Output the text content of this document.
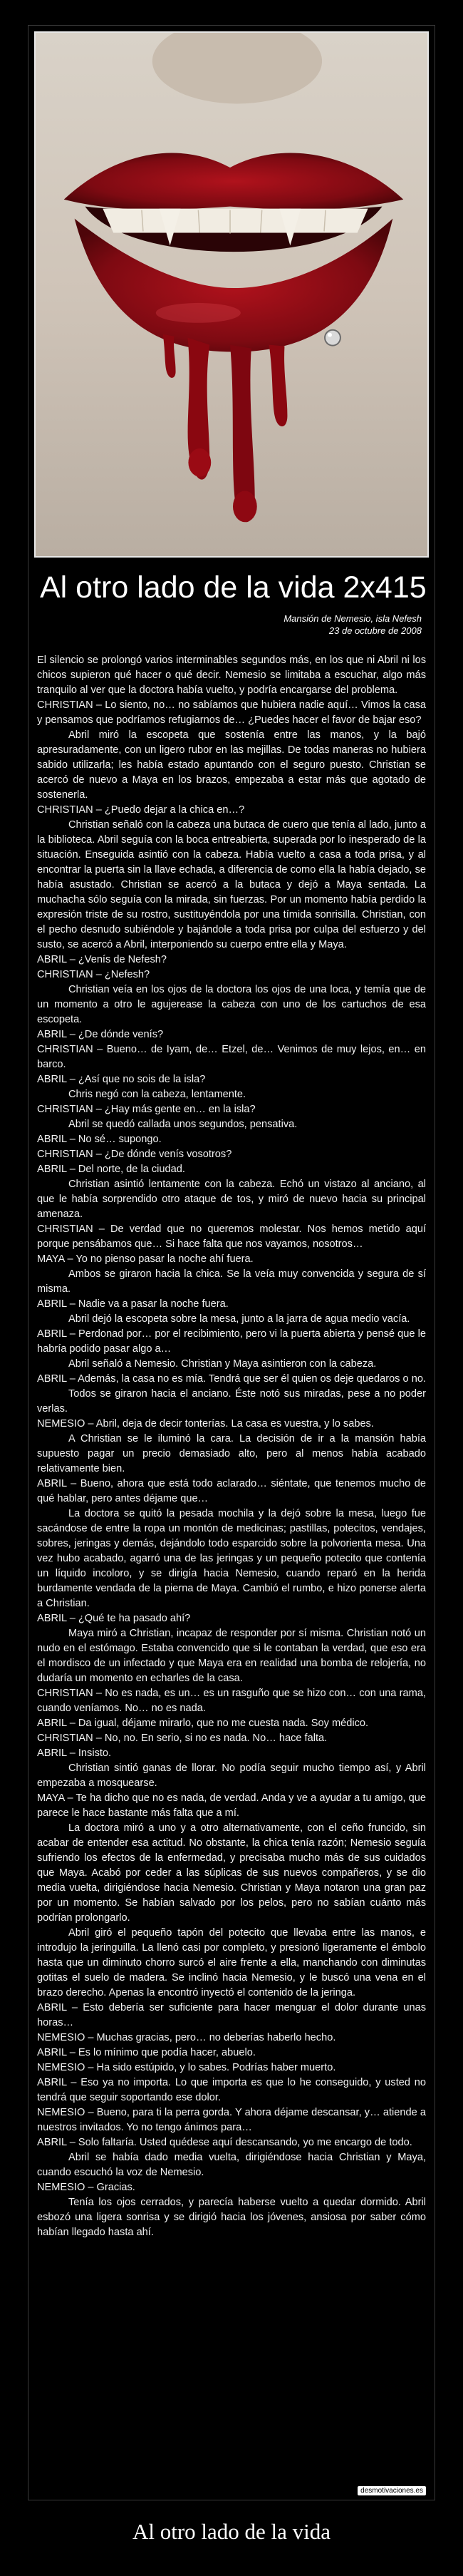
Al otro lado de la vida 2x415
Mansión de Nemesio, isla Nefesh
23 de octubre de 2008

El silencio se prolongó varios interminables segundos más, en los que ni Abril ni los chicos supieron qué hacer o qué decir. Nemesio se limitaba a escuchar, algo más tranquilo al ver que la doctora había vuelto, y podría encargarse del problema.

CHRISTIAN – Lo siento, no… no sabíamos que hubiera nadie aquí… Vimos la casa y pensamos que podríamos refugiarnos de… ¿Puedes hacer el favor de bajar eso?

Abril miró la escopeta que sostenía entre las manos, y la bajó apresuradamente, con un ligero rubor en las mejillas. De todas maneras no hubiera sabido utilizarla; les había estado apuntando con el seguro puesto. Christian se acercó de nuevo a Maya en los brazos, empezaba a estar más que agotado de sostenerla.

CHRISTIAN – ¿Puedo dejar a la chica en…?

Christian señaló con la cabeza una butaca de cuero que tenía al lado, junto a la biblioteca. Abril seguía con la boca entreabierta, superada por lo inesperado de la situación. Enseguida asintió con la cabeza. Había vuelto a casa a toda prisa, y al encontrar la puerta sin la llave echada, a diferencia de como ella la había dejado, se había asustado. Christian se acercó a la butaca y dejó a Maya sentada. La muchacha sólo seguía con la mirada, sin fuerzas. Por un momento había perdido la expresión triste de su rostro, sustituyéndola por una tímida sonrisilla. Christian, con el pecho desnudo subiéndole y bajándole a toda prisa por culpa del esfuerzo y del susto, se acercó a Abril, interponiendo su cuerpo entre ella y Maya.

ABRIL – ¿Venís de Nefesh?

CHRISTIAN – ¿Nefesh?

Christian veía en los ojos de la doctora los ojos de una loca, y temía que de un momento a otro le agujerease la cabeza con uno de los cartuchos de esa escopeta.

ABRIL – ¿De dónde venís?

CHRISTIAN – Bueno… de Iyam, de… Etzel, de… Venimos de muy lejos, en… en barco.

ABRIL – ¿Así que no sois de la isla?

Chris negó con la cabeza, lentamente.

CHRISTIAN – ¿Hay más gente en… en la isla?

Abril se quedó callada unos segundos, pensativa.

ABRIL – No sé… supongo.

CHRISTIAN – ¿De dónde venís vosotros?

ABRIL – Del norte, de la ciudad.

Christian asintió lentamente con la cabeza. Echó un vistazo al anciano, al que le había sorprendido otro ataque de tos, y miró de nuevo hacia su principal amenaza.

CHRISTIAN – De verdad que no queremos molestar. Nos hemos metido aquí porque pensábamos que… Si hace falta que nos vayamos, nosotros…

MAYA – Yo no pienso pasar la noche ahí fuera.

Ambos se giraron hacia la chica. Se la veía muy convencida y segura de sí misma.

ABRIL – Nadie va a pasar la noche fuera.

Abril dejó la escopeta sobre la mesa, junto a la jarra de agua medio vacía.

ABRIL – Perdonad por… por el recibimiento, pero vi la puerta abierta y pensé que le habría podido pasar algo a…

Abril señaló a Nemesio. Christian y Maya asintieron con la cabeza.

ABRIL – Además, la casa no es mía. Tendrá que ser él quien os deje quedaros o no.

Todos se giraron hacia el anciano. Éste notó sus miradas, pese a no poder verlas.

NEMESIO – Abril, deja de decir tonterías. La casa es vuestra, y lo sabes.

A Christian se le iluminó la cara. La decisión de ir a la mansión había supuesto pagar un precio demasiado alto, pero al menos había acabado relativamente bien.

ABRIL – Bueno, ahora que está todo aclarado… siéntate, que tenemos mucho de qué hablar, pero antes déjame que…

La doctora se quitó la pesada mochila y la dejó sobre la mesa, luego fue sacándose de entre la ropa un montón de medicinas; pastillas, potecitos, vendajes, sobres, jeringas y demás, dejándolo todo esparcido sobre la polvorienta mesa. Una vez hubo acabado, agarró una de las jeringas y un pequeño potecito que contenía un líquido incoloro, y se dirigía hacia Nemesio, cuando reparó en la herida burdamente vendada de la pierna de Maya. Cambió el rumbo, e hizo ponerse alerta a Christian.

ABRIL – ¿Qué te ha pasado ahí?

Maya miró a Christian, incapaz de responder por sí misma. Christian notó un nudo en el estómago. Estaba convencido que si le contaban la verdad, que eso era el mordisco de un infectado y que Maya era en realidad una bomba de relojería, no dudaría un momento en echarles de la casa.

CHRISTIAN – No es nada, es un… es un rasguño que se hizo con… con una rama, cuando veníamos. No… no es nada.

ABRIL – Da igual, déjame mirarlo, que no me cuesta nada. Soy médico.

CHRISTIAN – No, no. En serio, si no es nada. No… hace falta.

ABRIL – Insisto.

Christian sintió ganas de llorar. No podía seguir mucho tiempo así, y Abril empezaba a mosquearse.

MAYA – Te ha dicho que no es nada, de verdad. Anda y ve a ayudar a tu amigo, que parece le hace bastante más falta que a mí.

La doctora miró a uno y a otro alternativamente, con el ceño fruncido, sin acabar de entender esa actitud. No obstante, la chica tenía razón; Nemesio seguía sufriendo los efectos de la enfermedad, y precisaba mucho más de sus cuidados que Maya. Acabó por ceder a las súplicas de sus nuevos compañeros, y se dio media vuelta, dirigiéndose hacia Nemesio. Christian y Maya notaron una gran paz por un momento. Se habían salvado por los pelos, pero no sabían cuánto más podrían prolongarlo.

Abril giró el pequeño tapón del potecito que llevaba entre las manos, e introdujo la jeringuilla. La llenó casi por completo, y presionó ligeramente el émbolo hasta que un diminuto chorro surcó el aire frente a ella, manchando con diminutas gotitas el suelo de madera. Se inclinó hacia Nemesio, y le buscó una vena en el brazo derecho. Apenas la encontró inyectó el contenido de la jeringa.

ABRIL – Esto debería ser suficiente para hacer menguar el dolor durante unas horas…

NEMESIO – Muchas gracias, pero… no deberías haberlo hecho.

ABRIL – Es lo mínimo que podía hacer, abuelo.

NEMESIO – Ha sido estúpido, y lo sabes. Podrías haber muerto.

ABRIL – Eso ya no importa. Lo que importa es que lo he conseguido, y usted no tendrá que seguir soportando ese dolor.

NEMESIO – Bueno, para ti la perra gorda. Y ahora déjame descansar, y… atiende a nuestros invitados. Yo no tengo ánimos para…

ABRIL – Solo faltaría. Usted quédese aquí descansando, yo me encargo de todo.

Abril se había dado media vuelta, dirigiéndose hacia Christian y Maya, cuando escuchó la voz de Nemesio.

NEMESIO – Gracias.

Tenía los ojos cerrados, y parecía haberse vuelto a quedar dormido. Abril esbozó una ligera sonrisa y se dirigió hacia los jóvenes, ansiosa por saber cómo habían llegado hasta ahí.

desmotivaciones.es
Al otro lado de la vida
